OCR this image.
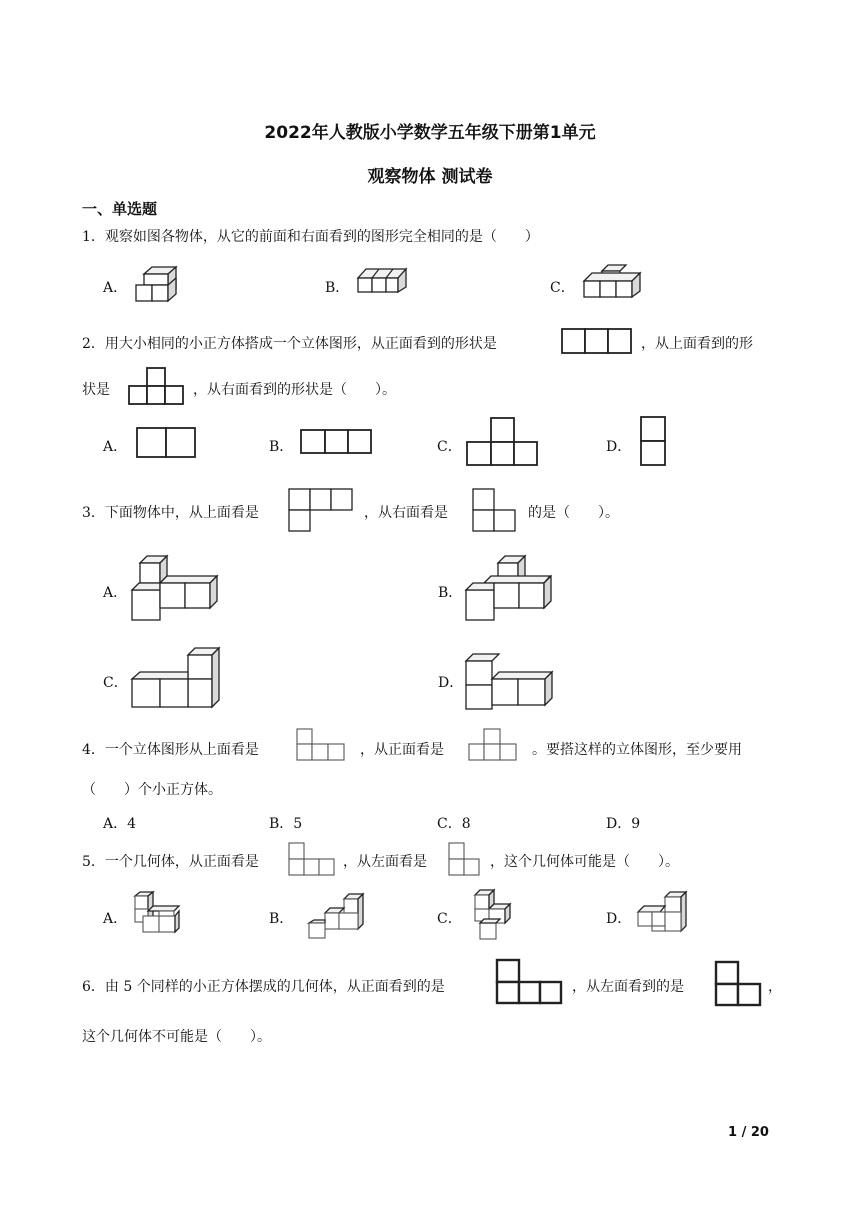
2022年人教版小学数学五年级下册第1单元
观察物体 测试卷
一、单选题
1．观察如图各物体，从它的前面和右面看到的图形完全相同的是（　　）
A．	B．	C．
2．用大小相同的小正方体搭成一个立体图形，从正面看到的形状是	，从上面看到的形
状是	，从右面看到的形状是（　　）。
A．	B．	C．	D．
3．下面物体中，从上面看是	，从右面看是	的是（　　）。
A．	B．
C．	D．
4．一个立体图形从上面看是	，从正面看是	。要搭这样的立体图形，至少要用
（　　）个小正方体。
A．4	B．5	C．8	D．9
5．一个几何体，从正面看是	，从左面看是	，这个几何体可能是（　　）。
A．	B．	C．	D．
6．由 5 个同样的小正方体摆成的几何体，从正面看到的是	，从左面看到的是	，
这个几何体不可能是（　　）。
1 / 20
